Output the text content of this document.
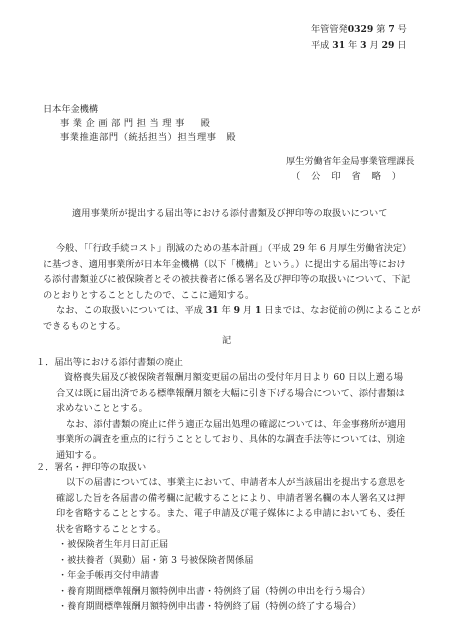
年管管発0329 第 7 号
平成 31 年 3 月 29 日
日本年金機構
事業企画部門担当理事　殿
事業推進部門（統括担当）担当理事　殿
厚生労働省年金局事業管理課長
（　公　印　省　略　）
適用事業所が提出する届出等における添付書類及び押印等の取扱いについて
今般、「「行政手続コスト」削減のための基本計画」（平成 29 年 6 月厚生労働省決定）
に基づき、適用事業所が日本年金機構（以下「機構」という。）に提出する届出等におけ
る添付書類並びに被保険者とその被扶養者に係る署名及び押印等の取扱いについて、下記
のとおりとすることとしたので、ここに通知する。
なお、この取扱いについては、平成 31 年 9 月 1 日までは、なお従前の例によることが
できるものとする。
記
１．届出等における添付書類の廃止
資格喪失届及び被保険者報酬月額変更届の届出の受付年月日より 60 日以上遡る場
合又は既に届出済である標準報酬月額を大幅に引き下げる場合について、添付書類は
求めないこととする。
なお、添付書類の廃止に伴う適正な届出処理の確認については、年金事務所が適用
事業所の調査を重点的に行うこととしており、具体的な調査手法等については、別途
通知する。
２．署名・押印等の取扱い
以下の届書については、事業主において、申請者本人が当該届出を提出する意思を
確認した旨を各届書の備考欄に記載することにより、申請者署名欄の本人署名又は押
印を省略することとする。また、電子申請及び電子媒体による申請においても、委任
状を省略することとする。
・被保険者生年月日訂正届
・被扶養者（異動）届・第 3 号被保険者関係届
・年金手帳再交付申請書
・養育期間標準報酬月額特例申出書・特例終了届（特例の申出を行う場合）
・養育期間標準報酬月額特例申出書・特例終了届（特例の終了する場合）
